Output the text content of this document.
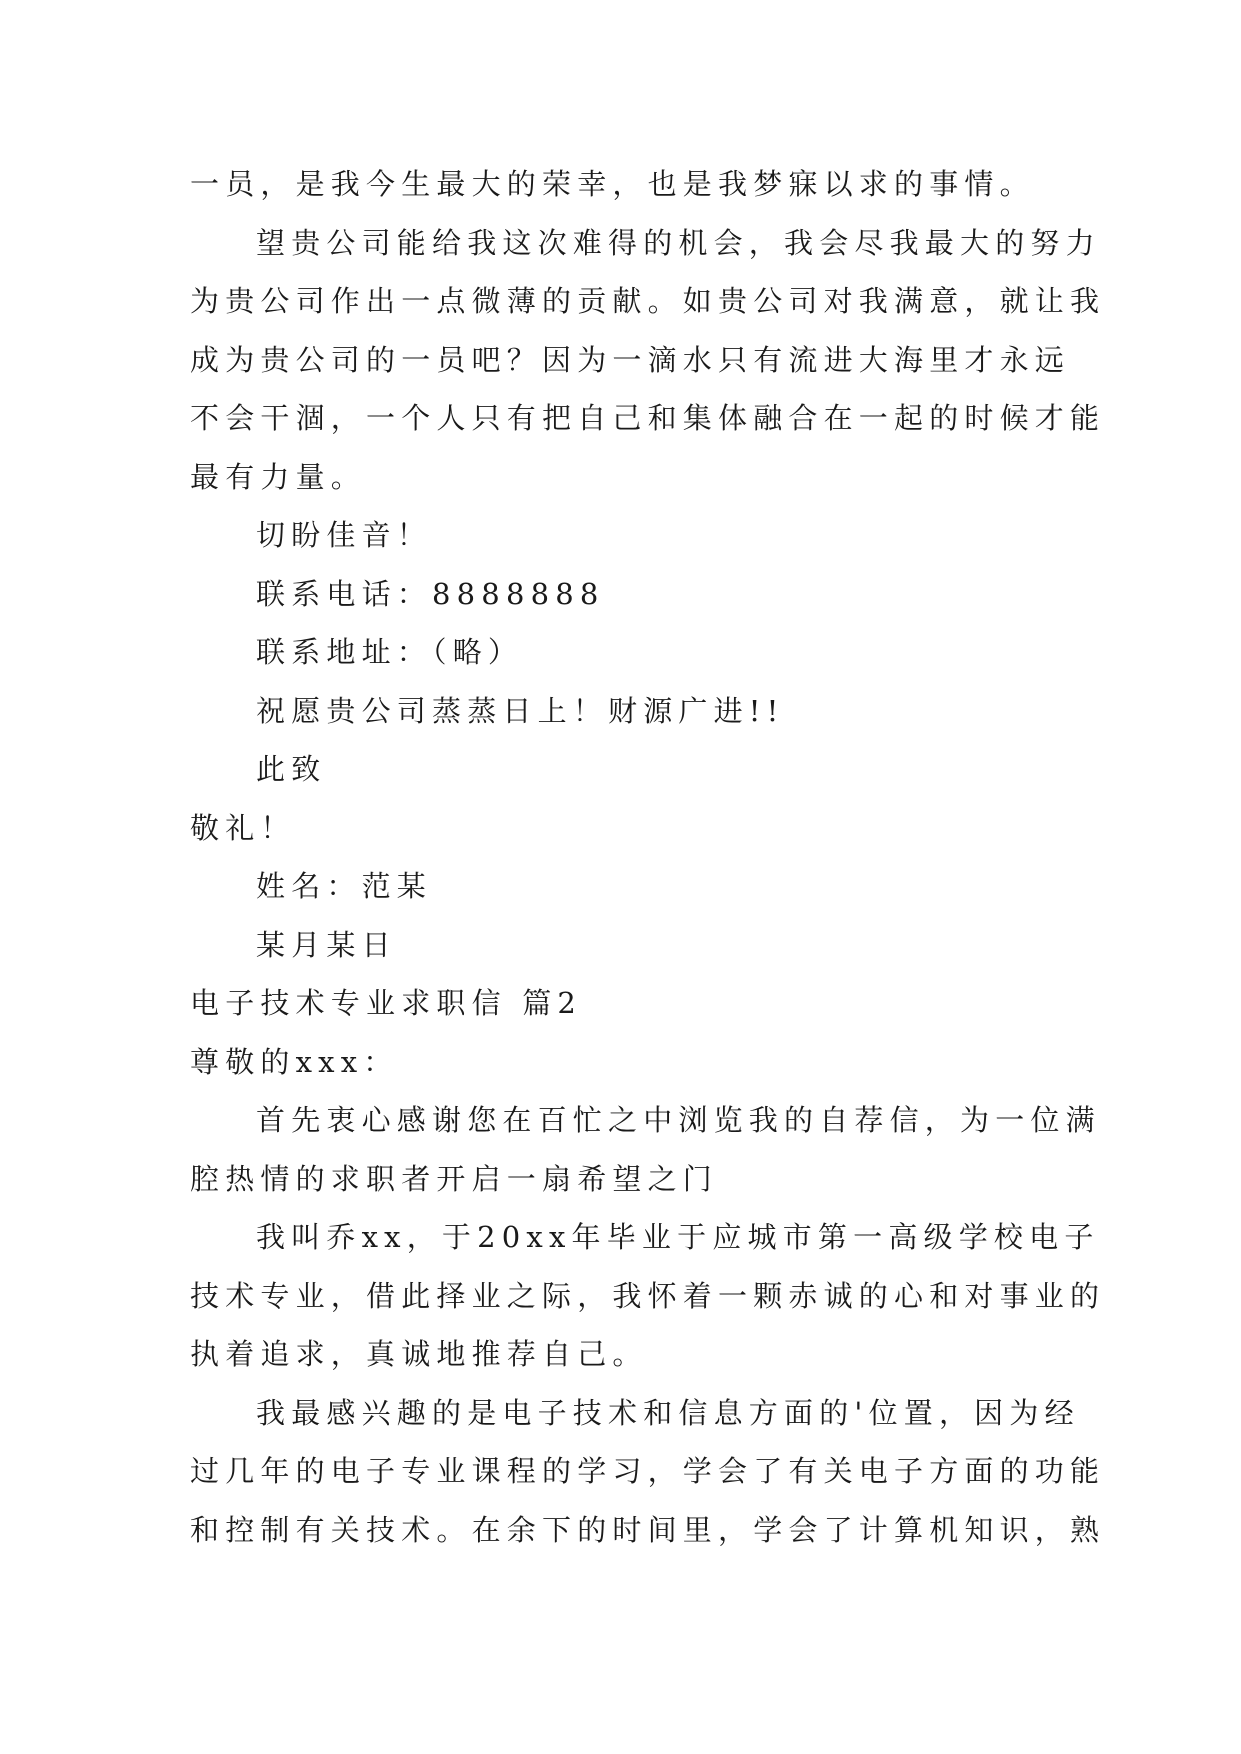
一员，是我今生最大的荣幸，也是我梦寐以求的事情。
望贵公司能给我这次难得的机会，我会尽我最大的努力
为贵公司作出一点微薄的贡献。如贵公司对我满意，就让我
成为贵公司的一员吧？因为一滴水只有流进大海里才永远
不会干涸，一个人只有把自己和集体融合在一起的时候才能
最有力量。
切盼佳音！
联系电话：8888888
联系地址：（略）
祝愿贵公司蒸蒸日上！财源广进!!
此致
敬礼！
姓名：范某
某月某日
电子技术专业求职信 篇2
尊敬的xxx：
首先衷心感谢您在百忙之中浏览我的自荐信，为一位满
腔热情的求职者开启一扇希望之门
我叫乔xx，于20xx年毕业于应城市第一高级学校电子
技术专业，借此择业之际，我怀着一颗赤诚的心和对事业的
执着追求，真诚地推荐自己。
我最感兴趣的是电子技术和信息方面的'位置，因为经
过几年的电子专业课程的学习，学会了有关电子方面的功能
和控制有关技术。在余下的时间里，学会了计算机知识，熟
